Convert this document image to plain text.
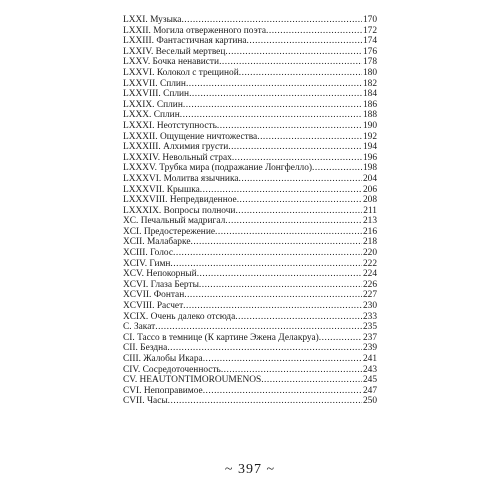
LXXI. Музыка .....	170
LXXII. Могила отверженного поэта .....	172
LXXIII. Фантастичная картина .....	174
LXXIV. Веселый мертвец .....	176
LXXV. Бочка ненависти .....	178
LXXVI. Колокол с трещиной .....	180
LXXVII. Сплин .....	182
LXXVIII. Сплин .....	184
LXXIX. Сплин .....	186
LXXX. Сплин .....	188
LXXXI. Неотступность .....	190
LXXXII. Ощущение ничтожества .....	192
LXXXIII. Алхимия грусти .....	194
LXXXIV. Невольный страх .....	196
LXXXV. Трубка мира (подражание Лонгфелло) .....	198
LXXXVI. Молитва язычника .....	204
LXXXVII. Крышка .....	206
LXXXVIII. Непредвиденное .....	208
LXXXIX. Вопросы полночи .....	211
XC. Печальный мадригал .....	213
XCI. Предостережение .....	216
XCII. Малабарке .....	218
XCIII. Голос .....	220
XCIV. Гимн .....	222
XCV. Непокорный .....	224
XCVI. Глаза Берты .....	226
XCVII. Фонтан .....	227
XCVIII. Расчет .....	230
XCIX. Очень далеко отсюда .....	233
C. Закат .....	235
CI. Тассо в темнице (К картине Эжена Делакруа) .....	237
CII. Бездна .....	239
CIII. Жалобы Икара .....	241
CIV. Сосредоточенность .....	243
CV. HEAUTONTIMOROUMENOS .....	245
CVI. Непоправимое .....	247
CVII. Часы .....	250
~ 397 ~
